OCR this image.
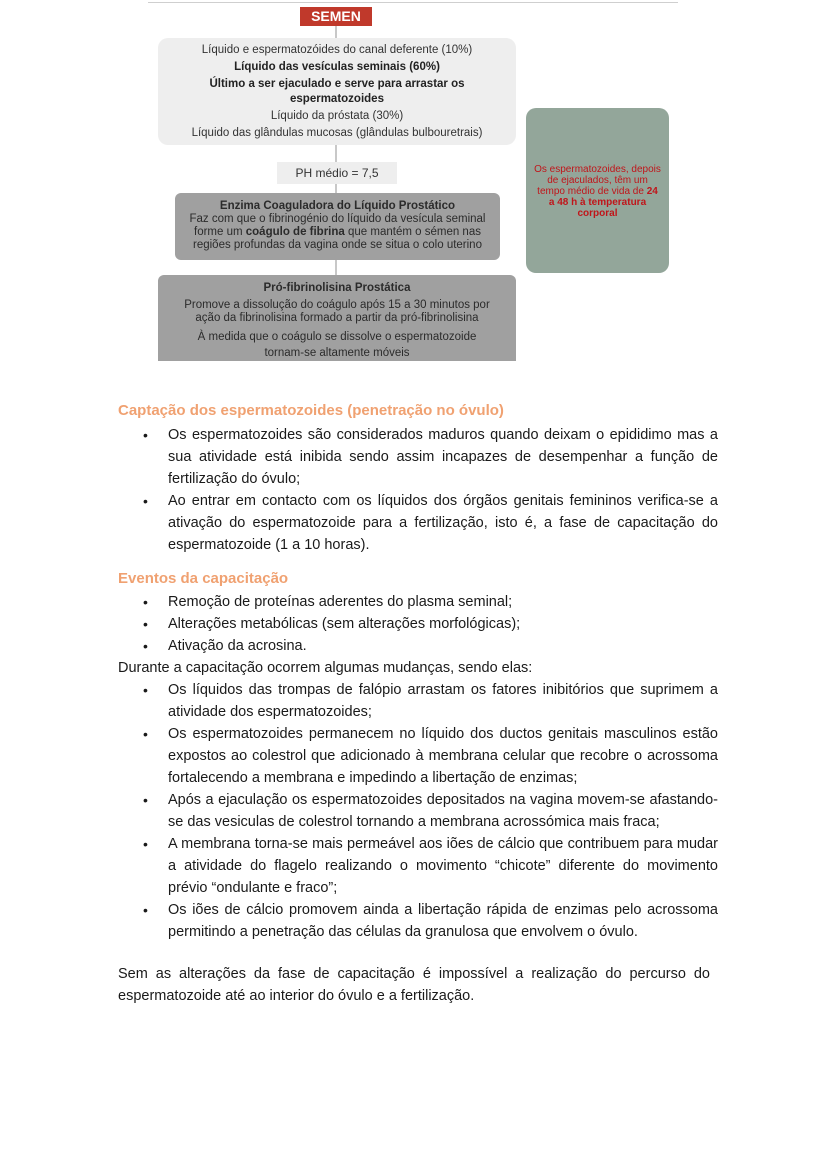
SEMEN
Líquido e espermatozóides do canal deferente (10%)
Líquido das vesículas seminais (60%)
Último a ser ejaculado e serve para arrastar os espermatozoides
Líquido da próstata (30%)
Líquido das glândulas mucosas (glândulas bulbouretrais)
PH médio = 7,5
Enzima Coaguladora do Líquido Prostático
Faz com que o fibrinogénio do líquido da vesícula seminal forme um coágulo de fibrina que mantém o sémen nas regiões profundas da vagina onde se situa o colo uterino
Pró-fibrinolisina Prostática
Promove a dissolução do coágulo após 15 a 30 minutos por ação da fibrinolisina formado a partir da pró-fibrinolisina
À medida que o coágulo se dissolve o espermatozoide tornam-se altamente móveis
Os espermatozoides, depois de ejaculados, têm um tempo médio de vida de 24 a 48 h à temperatura corporal
Captação dos espermatozoides (penetração no óvulo)
• Os espermatozoides são considerados maduros quando deixam o epididimo mas a sua atividade está inibida sendo assim incapazes de desempenhar a função de fertilização do óvulo;
• Ao entrar em contacto com os líquidos dos órgãos genitais femininos verifica-se a ativação do espermatozoide para a fertilização, isto é, a fase de capacitação do espermatozoide (1 a 10 horas).
Eventos da capacitação
• Remoção de proteínas aderentes do plasma seminal;
• Alterações metabólicas (sem alterações morfológicas);
• Ativação da acrosina.
Durante a capacitação ocorrem algumas mudanças, sendo elas:
• Os líquidos das trompas de falópio arrastam os fatores inibitórios que suprimem a atividade dos espermatozoides;
• Os espermatozoides permanecem no líquido dos ductos genitais masculinos estão expostos ao colestrol que adicionado à membrana celular que recobre o acrossoma fortalecendo a membrana e impedindo a libertação de enzimas;
• Após a ejaculação os espermatozoides depositados na vagina movem-se afastando-se das vesiculas de colestrol tornando a membrana acrossómica mais fraca;
• A membrana torna-se mais permeável aos iões de cálcio que contribuem para mudar a atividade do flagelo realizando o movimento “chicote” diferente do movimento prévio “ondulante e fraco”;
• Os iões de cálcio promovem ainda a libertação rápida de enzimas pelo acrossoma permitindo a penetração das células da granulosa que envolvem o óvulo.
Sem as alterações da fase de capacitação é impossível a realização do percurso do espermatozoide até ao interior do óvulo e a fertilização.
